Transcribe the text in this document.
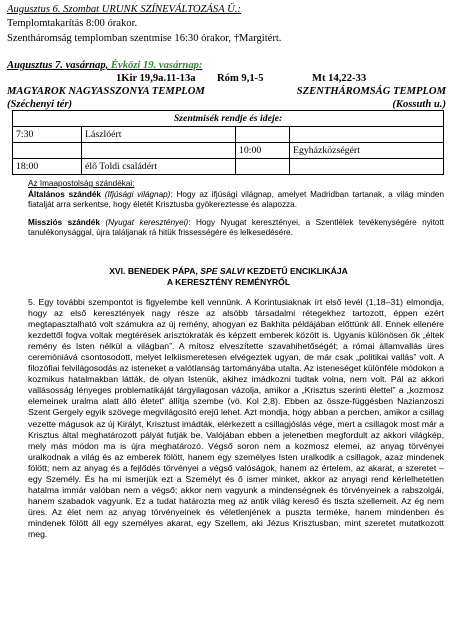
Augusztus 6. Szombat URUNK SZÍNEVÁLTOZÁSA Ü.:
Templomtakarítás 8:00 órakor.
Szentháromság templomban szentmise 16:30 órakor, †Margitért.
Augusztus 7. vasárnap, Évközi 19. vasárnap:
1Kir 19,9a.11-13a Róm 9,1-5	Mt 14,22-33
MAGYAROK NAGYASSZONYA TEMPLOM
(Széchenyi tér)
SZENTHÁROMSÁG TEMPLOM
(Kossuth u.)
Szentmisék rendje és ideje:			
7:30	Lászlóért		
		10:00	Egyházközségért
18:00	élő Toldi családért		
Az Imaapostolság szándékai:

Általános szándék (Ifjúsági világnap): Hogy az ifjúsági világnap, amelyet Madridban tartanak, a világ minden fiatalját arra serkentse, hogy életét Krisztusba gyökereztesse és alapozza.

Missziós szándék (Nyugat keresztényei): Hogy Nyugat keresztényei, a Szentlélek tevékenységére nyitott tanulékonysággal, újra találjanak rá hitük frissességére és lelkesedésére.

XVI. BENEDEK PÁPA, SPE SALVI KEZDETŰ ENCIKLIKÁJA
A KERESZTÉNY REMÉNYRŐL

5. Egy további szempontot is figyelembe kell vennünk. A Korintusiaknak írt első levél (1,18–31) elmondja, hogy az első keresztények nagy része az alsóbb társadalmi rétegekhez tartozott, éppen ezért megtapasztalható volt számukra az új remény, ahogyan ez Bakhita példájában előttünk áll. Ennek ellenére kezdettől fogva voltak megtérések arisztokraták és képzett emberek között is. Ugyanis különösen ők „éltek remény és Isten nélkül a világban”. A mítosz elveszítette szavahihetőségét; a római államvallás üres ceremóniává csontosodott, melyet lelkiismeretesen elvégeztek ugyan, de már csak „politikai vallás” volt. A filozófiai felvilágosodás az isteneket a valótlanság tartományába utalta. Az isteneséget különféle módokon a kozmikus hatalmakban látták, de olyan Istenük, akihez imádkozni tudtak volna, nem volt. Pál az akkori vallásosság lényeges problematikáját tárgyilagosan vázolja, amikor a „Krisztus szerinti élettel” a „kozmosz elemeinek uralma alatt álló életet” állítja szembe (vö. Kol 2,8). Ebben az össze-függésben Nazianzoszi Szent Gergely egyik szövege megvilágosító erejű lehet. Azt mondja, hogy abban a percben, amikor a csillag vezette mágusok az új Királyt, Krisztust imádták, elérkezett a csillagjóslás vége, mert a csillagok most már a Krisztus által meghatározott pályát futják be. Valójában ebben a jelenetben megfordult az akkori világkép, mely más módon ma is újra meghatározó. Végső soron nem a kozmosz elemei, az anyag törvényei uralkodnak a világ és az emberek fölött, hanem egy személyes Isten uralkodik a csillagok, azaz mindenek fölött; nem az anyag és a fejlődés törvényei a végső valóságok, hanem az értelem, az akarat, a szeretet – egy Személy. És ha mi ismerjük ezt a Személyt és ő ismer minket, akkor az anyagi rend kérlelhetetlen hatalma immár valóban nem a végső; akkor nem vagyunk a mindenségnek és törvényeinek a rabszolgái, hanem szabadok vagyunk. Ez a tudat határozta meg az antik világ kereső és tiszta szellemeit. Az ég nem üres. Az élet nem az anyag törvényeinek és véletlenjének a puszta terméke, hanem mindenben és mindenek fölött áll egy személyes akarat, egy Szellem, aki Jézus Krisztusban, mint szeretet mutatkozott meg.
